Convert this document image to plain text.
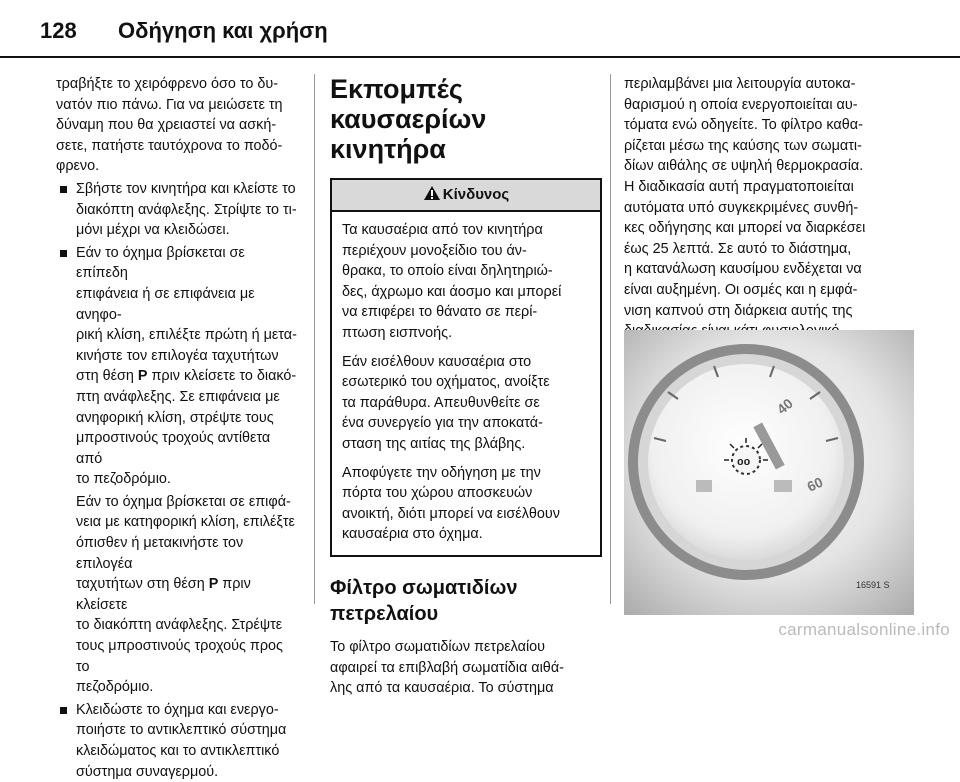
128 Οδήγηση και χρήση

τραβήξτε το χειρόφρενο όσο το δυ-
νατόν πιο πάνω. Για να μειώσετε τη
δύναμη που θα χρειαστεί να ασκή-
σετε, πατήστε ταυτόχρονα το ποδό-
φρενο.

Σβήστε τον κινητήρα και κλείστε το
διακόπτη ανάφλεξης. Στρίψτε το τι-
μόνι μέχρι να κλειδώσει.

Εάν το όχημα βρίσκεται σε επίπεδη
επιφάνεια ή σε επιφάνεια με ανηφο-
ρική κλίση, επιλέξτε πρώτη ή μετα-
κινήστε τον επιλογέα ταχυτήτων
στη θέση P πριν κλείσετε το διακό-
πτη ανάφλεξης. Σε επιφάνεια με
ανηφορική κλίση, στρέψτε τους
μπροστινούς τροχούς αντίθετα από
το πεζοδρόμιο.

Εάν το όχημα βρίσκεται σε επιφά-
νεια με κατηφορική κλίση, επιλέξτε
όπισθεν ή μετακινήστε τον επιλογέα
ταχυτήτων στη θέση P πριν κλείσετε
το διακόπτη ανάφλεξης. Στρέψτε
τους μπροστινούς τροχούς προς το
πεζοδρόμιο.

Κλειδώστε το όχημα και ενεργο-
ποιήστε το αντικλεπτικό σύστημα
κλειδώματος και το αντικλεπτικό
σύστημα συναγερμού.

Εκπομπές καυσαερίων
κινητήρα
Κίνδυνος

Τα καυσαέρια από τον κινητήρα
περιέχουν μονοξείδιο του άν-
θρακα, το οποίο είναι δηλητηριώ-
δες, άχρωμο και άοσμο και μπορεί
να επιφέρει το θάνατο σε περί-
πτωση εισπνοής.

Εάν εισέλθουν καυσαέρια στο
εσωτερικό του οχήματος, ανοίξτε
τα παράθυρα. Απευθυνθείτε σε
ένα συνεργείο για την αποκατά-
σταση της αιτίας της βλάβης.

Αποφύγετε την οδήγηση με την
πόρτα του χώρου αποσκευών
ανοικτή, διότι μπορεί να εισέλθουν
καυσαέρια στο όχημα.

Φίλτρο σωματιδίων
πετρελαίου

Το φίλτρο σωματιδίων πετρελαίου
αφαιρεί τα επιβλαβή σωματίδια αιθά-
λης από τα καυσαέρια. Το σύστημα

περιλαμβάνει μια λειτουργία αυτοκα-
θαρισμού η οποία ενεργοποιείται αυ-
τόματα ενώ οδηγείτε. Το φίλτρο καθα-
ρίζεται μέσω της καύσης των σωματι-
δίων αιθάλης σε υψηλή θερμοκρασία.
Η διαδικασία αυτή πραγματοποιείται
αυτόματα υπό συγκεκριμένες συνθή-
κες οδήγησης και μπορεί να διαρκέσει
έως 25 λεπτά. Σε αυτό το διάστημα,
η κατανάλωση καυσίμου ενδέχεται να
είναι αυξημένη. Οι οσμές και η εμφά-
νιση καπνού στη διάρκεια αυτής της

40
60
oo
16591 S
carmanualsonline.info
